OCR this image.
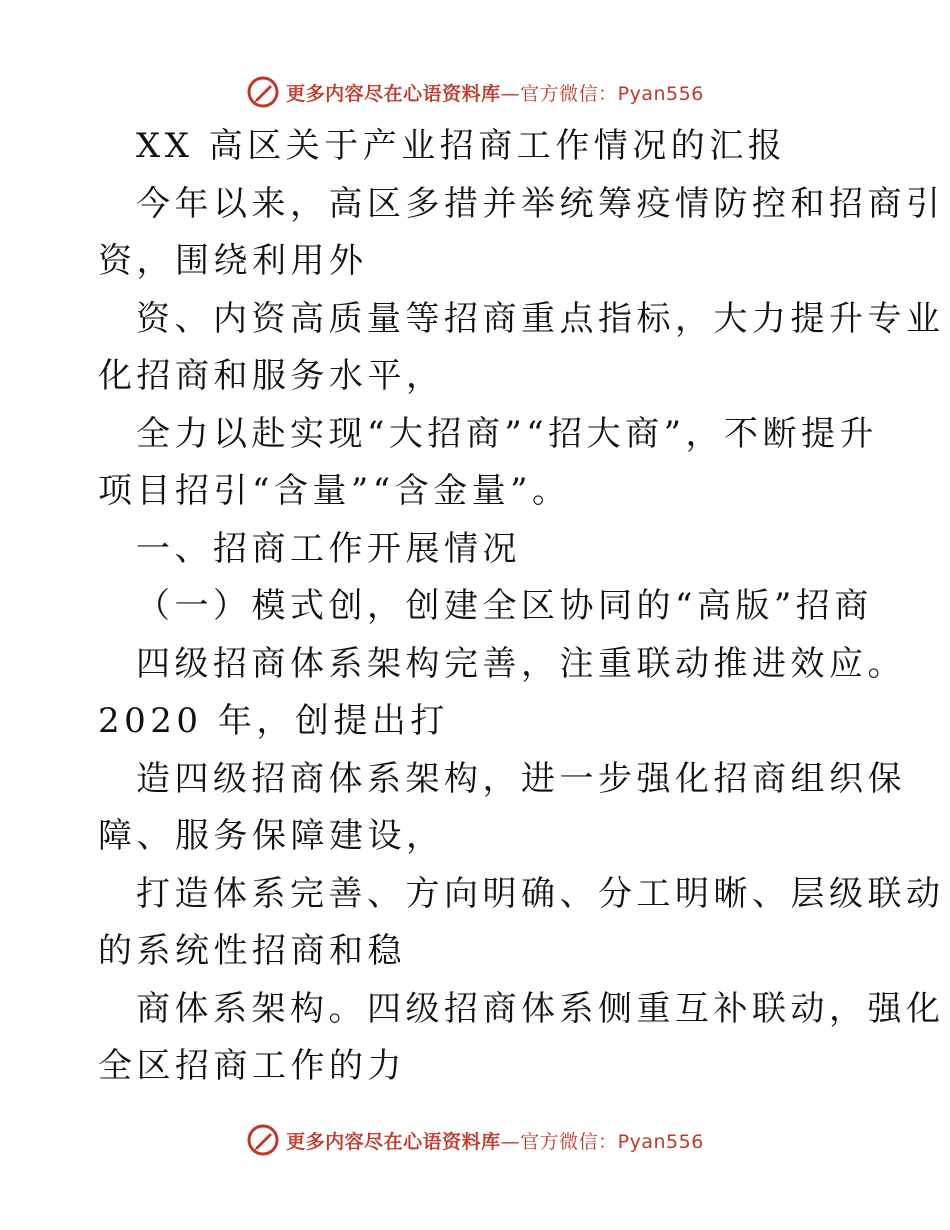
更多内容尽在心语资料库—官方微信：Pyan556
XX 高区关于产业招商工作情况的汇报
今年以来，高区多措并举统筹疫情防控和招商引
资，围绕利用外
资、内资高质量等招商重点指标，大力提升专业
化招商和服务水平，
全力以赴实现“大招商”“招大商”，不断提升
项目招引“含量”“含金量”。
一、招商工作开展情况
（一）模式创，创建全区协同的“高版”招商
四级招商体系架构完善，注重联动推进效应。
2020 年，创提出打
造四级招商体系架构，进一步强化招商组织保
障、服务保障建设，
打造体系完善、方向明确、分工明晰、层级联动
的系统性招商和稳
商体系架构。四级招商体系侧重互补联动，强化
全区招商工作的力
更多内容尽在心语资料库—官方微信：Pyan556
